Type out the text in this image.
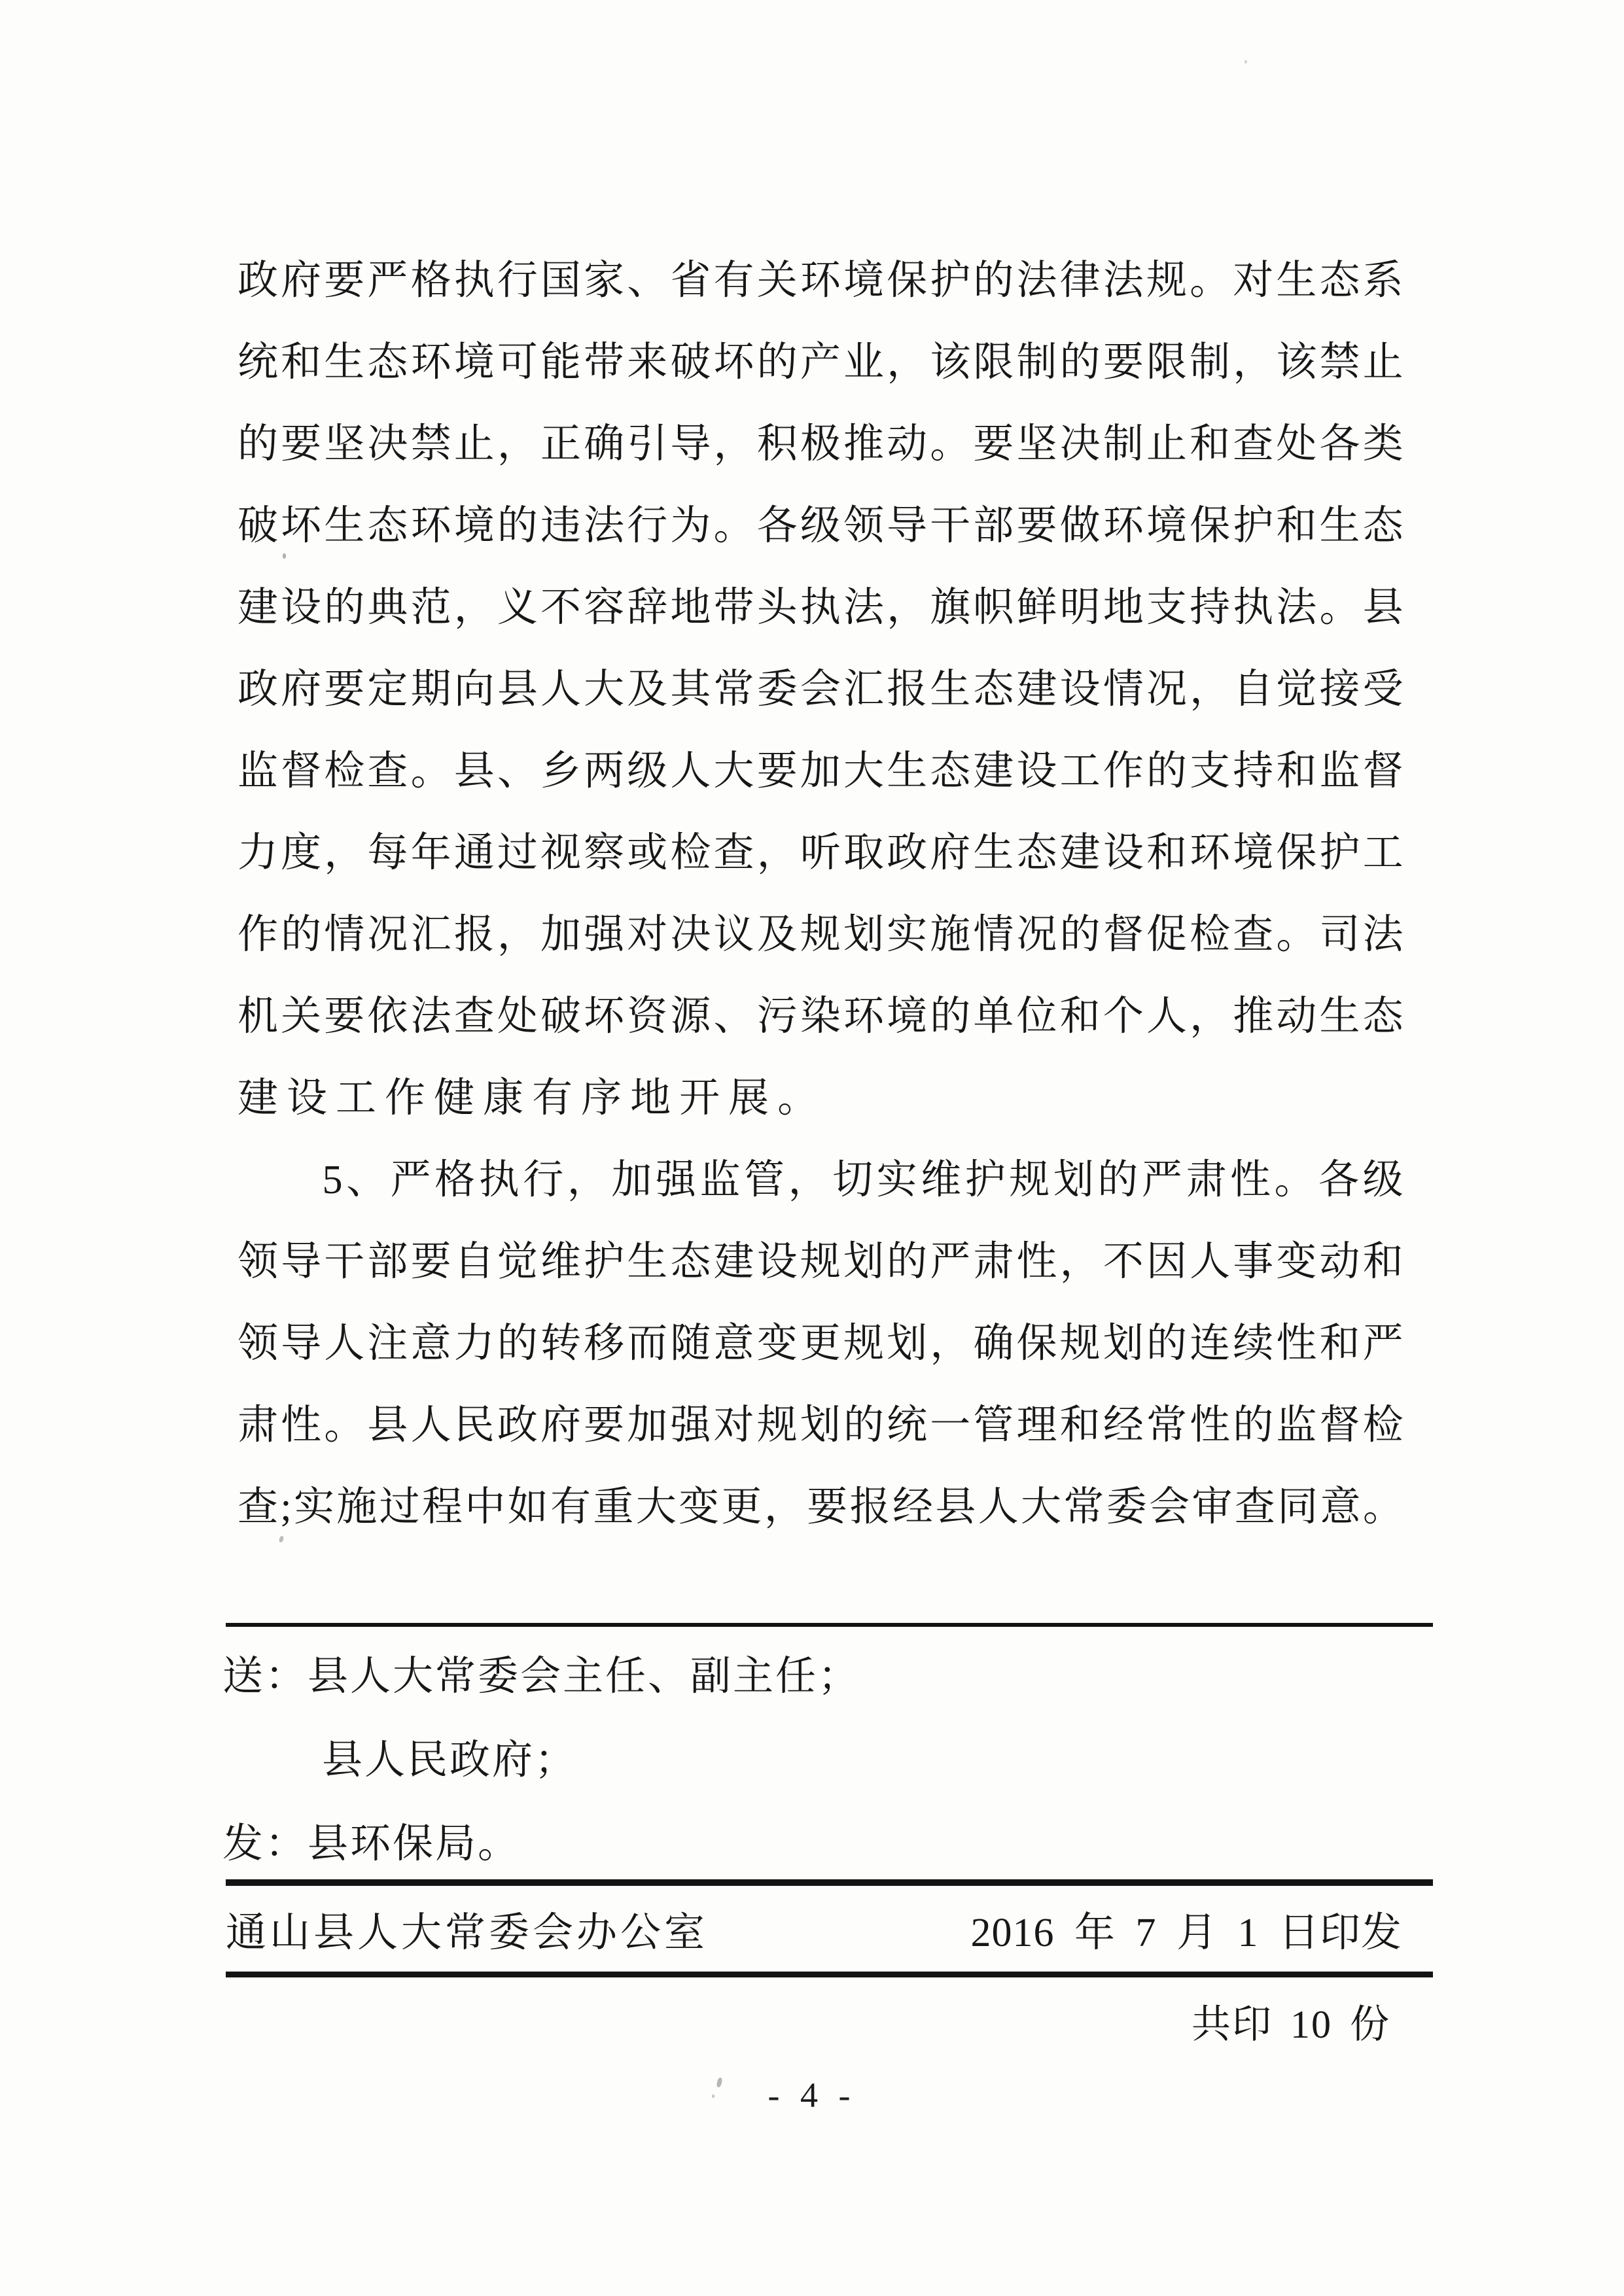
政 府 要 严 格 执 行 国 家 、 省 有 关 环 境 保 护 的 法 律 法 规 。 对 生 态 系
统 和 生 态 环 境 可 能 带 来 破 坏 的 产 业 ， 该 限 制 的 要 限 制 ， 该 禁 止
的 要 坚 决 禁 止 ， 正 确 引 导 ， 积 极 推 动 。 要 坚 决 制 止 和 查 处 各 类
破 坏 生 态 环 境 的 违 法 行 为 。 各 级 领 导 干 部 要 做 环 境 保 护 和 生 态
建 设 的 典 范 ， 义 不 容 辞 地 带 头 执 法 ， 旗 帜 鲜 明 地 支 持 执 法 。 县
政 府 要 定 期 向 县 人 大 及 其 常 委 会 汇 报 生 态 建 设 情 况 ， 自 觉 接 受
监 督 检 查 。 县 、 乡 两 级 人 大 要 加 大 生 态 建 设 工 作 的 支 持 和 监 督
力 度 ， 每 年 通 过 视 察 或 检 查 ， 听 取 政 府 生 态 建 设 和 环 境 保 护 工
作 的 情 况 汇 报 ， 加 强 对 决 议 及 规 划 实 施 情 况 的 督 促 检 查 。 司 法
机 关 要 依 法 查 处 破 坏 资 源 、 污 染 环 境 的 单 位 和 个 人 ， 推 动 生 态
建 设 工 作 健 康 有 序 地 开 展 。
5 、 严 格 执 行 ， 加 强 监 管 ， 切 实 维 护 规 划 的 严 肃 性 。 各 级
领 导 干 部 要 自 觉 维 护 生 态 建 设 规 划 的 严 肃 性 ， 不 因 人 事 变 动 和
领 导 人 注 意 力 的 转 移 而 随 意 变 更 规 划 ， 确 保 规 划 的 连 续 性 和 严
肃 性 。 县 人 民 政 府 要 加 强 对 规 划 的 统 一 管 理 和 经 常 性 的 监 督 检
查 ; 实 施 过 程 中 如 有 重 大 变 更 ， 要 报 经 县 人 大 常 委 会 审 查 同 意 。
送：县人大常委会主任、副主任；
县人民政府；
发：县环保局。
通山县人大常委会办公室	2016 年 7 月 1 日印发
共印 10 份
- 4 -
